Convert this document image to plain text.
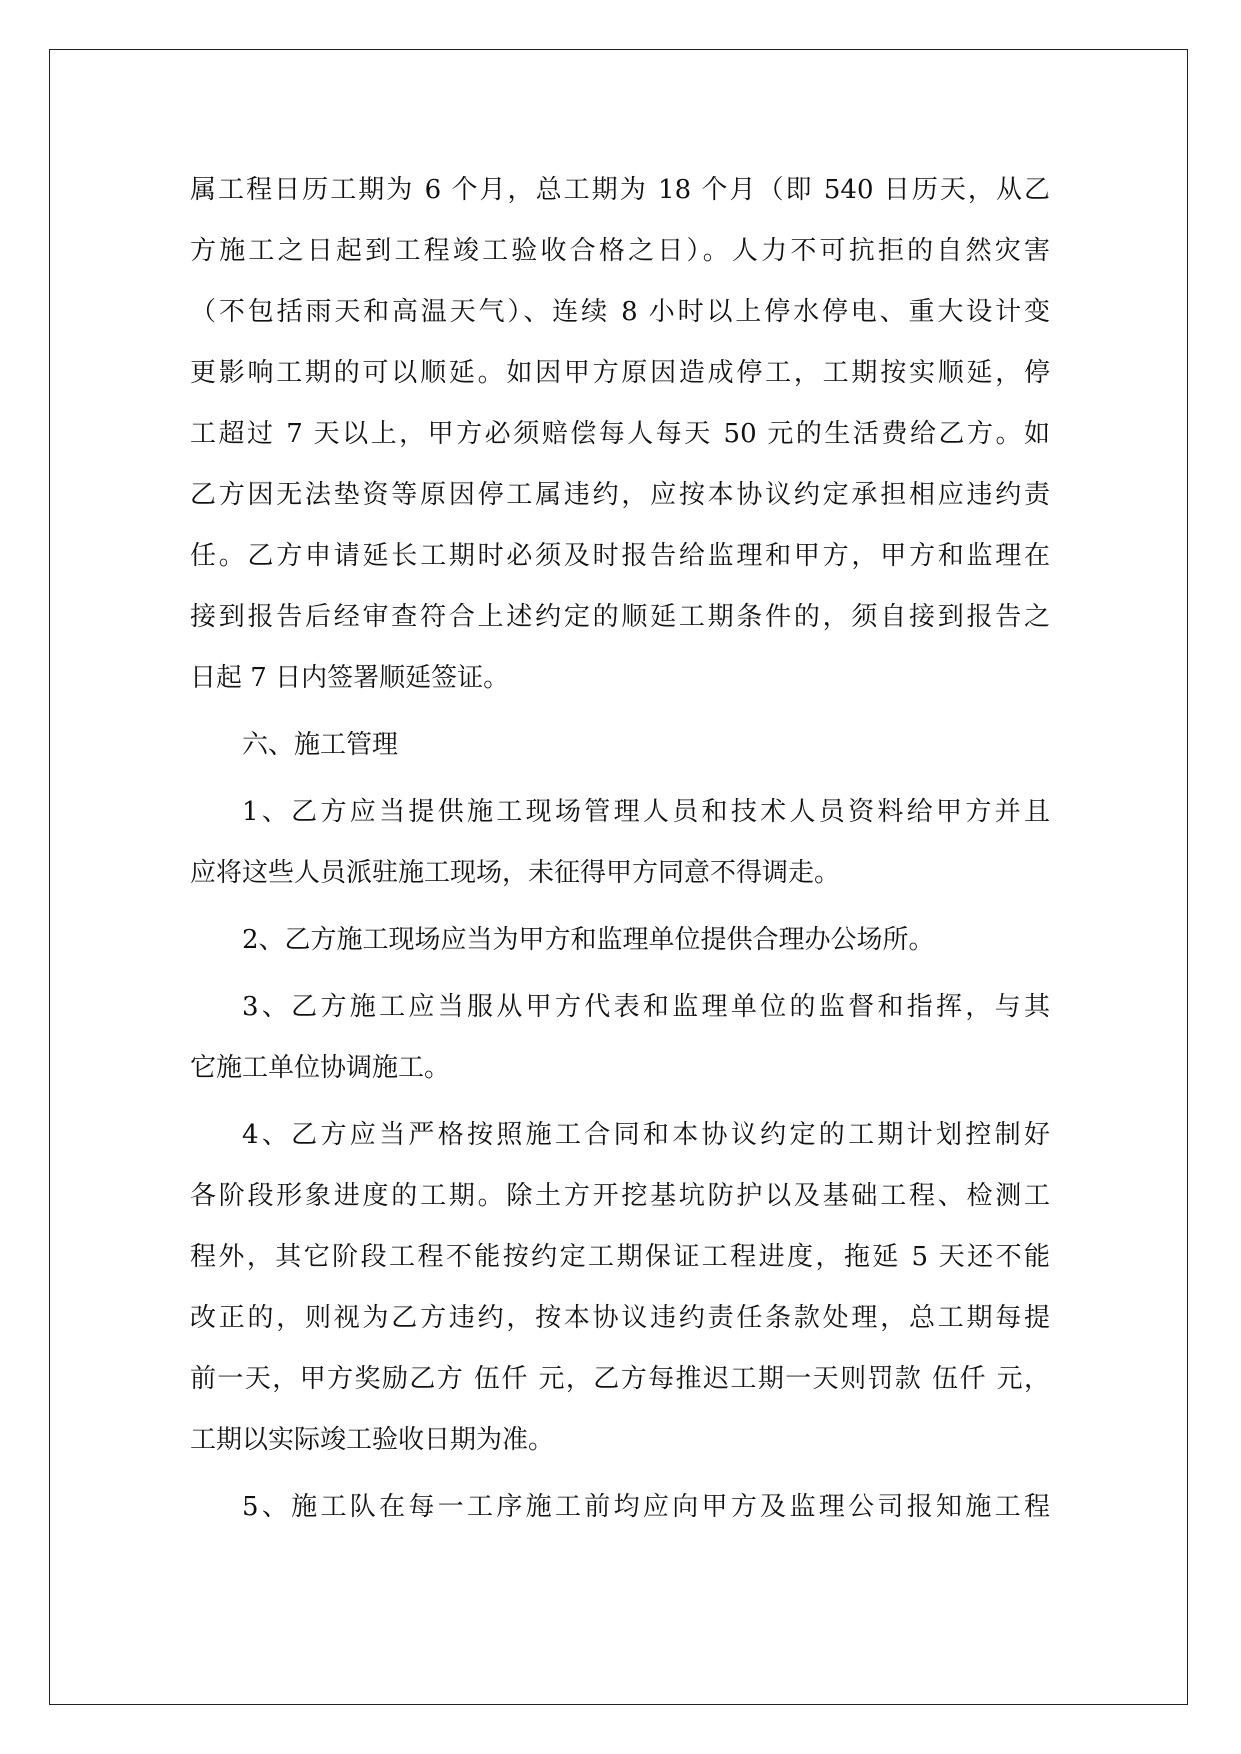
属工程日历工期为 6 个月，总工期为 18 个月（即 540 日历天，从乙
方施工之日起到工程竣工验收合格之日）。人力不可抗拒的自然灾害
（不包括雨天和高温天气）、连续 8 小时以上停水停电、重大设计变
更影响工期的可以顺延。如因甲方原因造成停工，工期按实顺延，停
工超过 7 天以上，甲方必须赔偿每人每天 50 元的生活费给乙方。如
乙方因无法垫资等原因停工属违约，应按本协议约定承担相应违约责
任。乙方申请延长工期时必须及时报告给监理和甲方，甲方和监理在
接到报告后经审查符合上述约定的顺延工期条件的，须自接到报告之
日起 7 日内签署顺延签证。
六、施工管理
1、乙方应当提供施工现场管理人员和技术人员资料给甲方并且
应将这些人员派驻施工现场，未征得甲方同意不得调走。
2、乙方施工现场应当为甲方和监理单位提供合理办公场所。
3、乙方施工应当服从甲方代表和监理单位的监督和指挥，与其
它施工单位协调施工。
4、乙方应当严格按照施工合同和本协议约定的工期计划控制好
各阶段形象进度的工期。除土方开挖基坑防护以及基础工程、检测工
程外，其它阶段工程不能按约定工期保证工程进度，拖延 5 天还不能
改正的，则视为乙方违约，按本协议违约责任条款处理，总工期每提
前一天，甲方奖励乙方 伍仟 元，乙方每推迟工期一天则罚款 伍仟 元，
工期以实际竣工验收日期为准。
5、施工队在每一工序施工前均应向甲方及监理公司报知施工程
